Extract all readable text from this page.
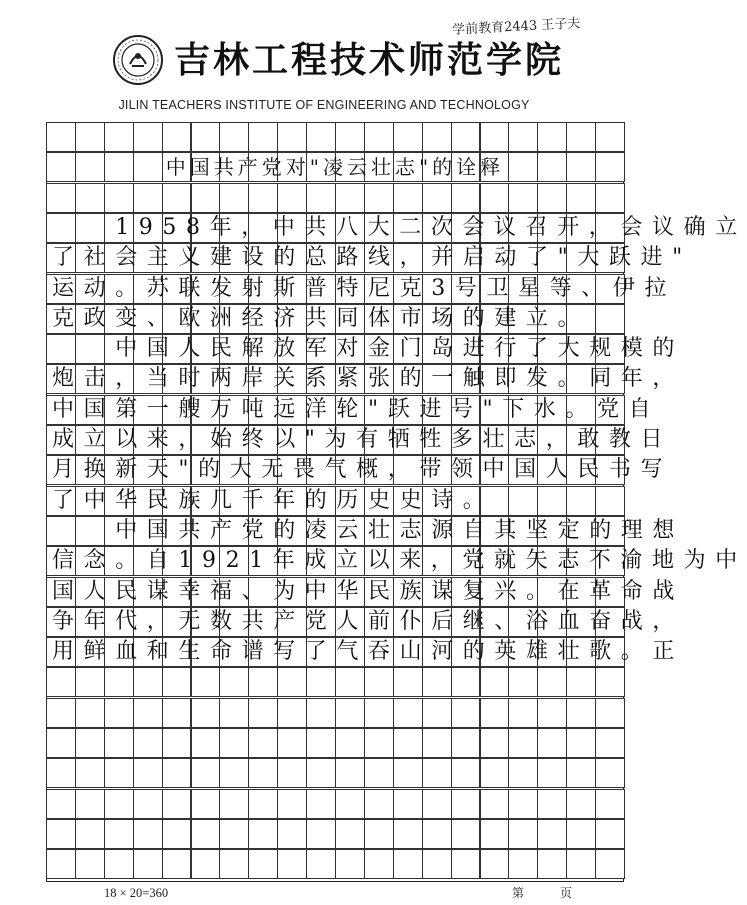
学前教育2443 王子夫
吉林工程技术师范学院
JILIN TEACHERS INSTITUTE OF ENGINEERING AND TECHNOLOGY
中国共产党对"凌云壮志"的诠释
　　1958年，中共八大二次会议召开，会议确立
了社会主义建设的总路线，并启动了"大跃进"
运动。苏联发射斯普特尼克3号卫星等、伊拉
克政变、欧洲经济共同体市场的建立。
　　中国人民解放军对金门岛进行了大规模的
炮击，当时两岸关系紧张的一触即发。同年，
中国第一艘万吨远洋轮"跃进号"下水。党自
成立以来，始终以"为有牺牲多壮志，敢教日
月换新天"的大无畏气概，带领中国人民书写
了中华民族几千年的历史史诗。
　　中国共产党的凌云壮志源自其坚定的理想
信念。自1921年成立以来，党就矢志不渝地为中
国人民谋幸福、为中华民族谋复兴。在革命战
争年代，无数共产党人前仆后继、浴血奋战，
用鲜血和生命谱写了气吞山河的英雄壮歌。正
18 × 20=360	第	页
